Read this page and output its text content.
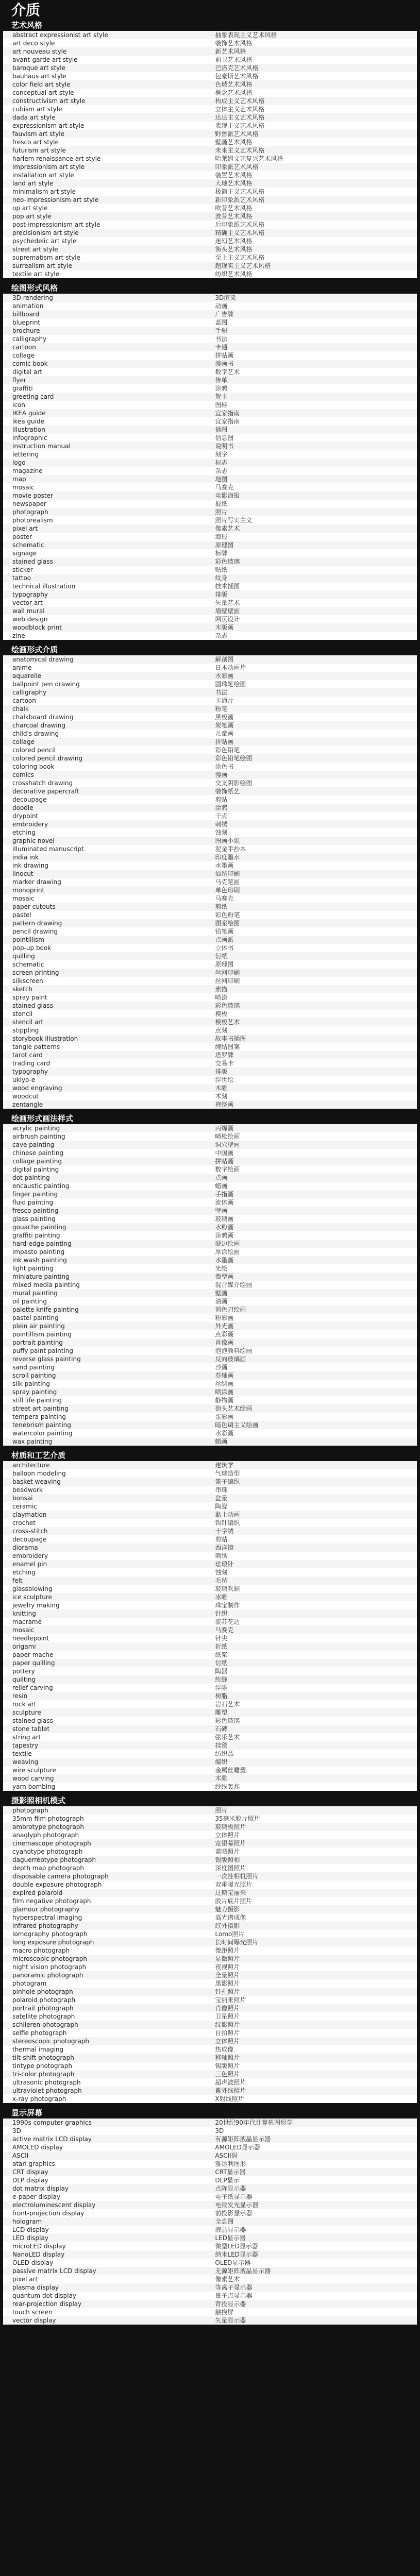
介质
艺术风格
abstract expressionist art style	抽象表现主义艺术风格
art deco style	装饰艺术风格
art nouveau style	新艺术风格
avant-garde art style	前卫艺术风格
baroque art style	巴洛克艺术风格
bauhaus art style	包豪斯艺术风格
color field art style	色域艺术风格
conceptual art style	概念艺术风格
constructivism art style	构成主义艺术风格
cubism art style	立体主义艺术风格
dada art style	达达主义艺术风格
expressionism art style	表现主义艺术风格
fauvism art style	野兽派艺术风格
fresco art style	壁画艺术风格
futurism art style	未来主义艺术风格
harlem renaissance art style	哈莱姆文艺复兴艺术风格
impressionism art style	印象派艺术风格
installation art style	装置艺术风格
land art style	大地艺术风格
minimalism art style	极简主义艺术风格
neo-impressionism art style	新印象派艺术风格
op art style	欧普艺术风格
pop art style	波普艺术风格
post-impressionism art style	后印象派艺术风格
precisionism art style	精确主义艺术风格
psychedelic art style	迷幻艺术风格
street art style	街头艺术风格
suprematism art style	至上主义艺术风格
surrealism art style	超现实主义艺术风格
textile art style	纺织艺术风格
绘图形式风格
3D rendering	3D渲染
animation	动画
billboard	广告牌
blueprint	蓝图
brochure	手册
calligraphy	书法
cartoon	卡通
collage	拼贴画
comic book	漫画书
digital art	数字艺术
flyer	传单
graffiti	涂鸦
greeting card	贺卡
icon	图标
IKEA guide	宜家指南
ikea guide	宜家指南
illustration	插图
infographic	信息图
instruction manual	说明书
lettering	刻字
logo	标志
magazine	杂志
map	地图
mosaic	马赛克
movie poster	电影海报
newspaper	报纸
photograph	照片
photorealism	照片写实主义
pixel art	像素艺术
poster	海报
schematic	原理图
signage	标牌
stained glass	彩色玻璃
sticker	贴纸
tattoo	纹身
technical illustration	技术插图
typography	排版
vector art	矢量艺术
wall mural	墙壁壁画
web design	网页设计
woodblock print	木版画
zine	杂志
绘画形式介质
anatomical drawing	解剖图
anime	日本动画片
aquarelle	水彩画
ballpoint pen drawing	圆珠笔绘图
calligraphy	书法
cartoon	卡通片
chalk	粉笔
chalkboard drawing	黑板画
charcoal drawing	炭笔画
child's drawing	儿童画
collage	拼贴画
colored pencil	彩色铅笔
colored pencil drawing	彩色铅笔绘图
coloring book	涂色书
comics	漫画
crosshatch drawing	交叉阴影绘图
decorative papercraft	装饰纸艺
decoupage	剪贴
doodle	涂鸦
drypoint	干点
embroidery	刺绣
etching	蚀刻
graphic novel	图画小说
illuminated manuscript	泥金手抄本
india ink	印度墨水
ink drawing	水墨画
linocut	油毡印刷
marker drawing	马克笔画
monoprint	单色印刷
mosaic	马赛克
paper cutouts	剪纸
pastel	彩色粉笔
pattern drawing	图案绘图
pencil drawing	铅笔画
pointillism	点画派
pop-up book	立体书
quilling	衍纸
schematic	原理图
screen printing	丝网印刷
silkscreen	丝网印刷
sketch	素描
spray paint	喷漆
stained glass	彩色玻璃
stencil	模板
stencil art	模板艺术
stippling	点刻
storybook illustration	故事书插图
tangle patterns	缠结图案
tarot card	塔罗牌
trading card	交易卡
typography	排版
ukiyo-e	浮世绘
wood engraving	木雕
woodcut	木刻
zentangle	禅绕画
绘画形式画法样式
acrylic painting	丙烯画
airbrush painting	喷枪绘画
cave painting	洞穴壁画
chinese painting	中国画
collage painting	拼贴画
digital painting	数字绘画
dot painting	点画
encaustic painting	蜡画
finger painting	手指画
fluid painting	流体画
fresco painting	壁画
glass painting	玻璃画
gouache painting	水粉画
graffiti painting	涂鸦画
hard-edge painting	硬边绘画
impasto painting	厚涂绘画
ink wash painting	水墨画
light painting	光绘
miniature painting	微型画
mixed media painting	混合媒介绘画
mural painting	壁画
oil painting	油画
palette knife painting	调色刀绘画
pastel painting	粉彩画
plein air painting	外光画
pointillism painting	点彩画
portrait painting	肖像画
puffy paint painting	泡泡颜料绘画
reverse glass painting	反向玻璃画
sand painting	沙画
scroll painting	卷轴画
silk painting	丝绸画
spray painting	喷涂画
still life painting	静物画
street art painting	街头艺术绘画
tempera painting	蛋彩画
tenebrism painting	暗色调主义绘画
watercolor painting	水彩画
wax painting	蜡画
材质和工艺介质
architecture	建筑学
balloon modeling	气球造型
basket weaving	篮子编织
beadwork	串珠
bonsai	盆景
ceramic	陶瓷
claymation	黏土动画
crochet	钩针编织
cross-stitch	十字绣
decoupage	剪贴
diorama	西洋镜
embroidery	刺绣
enamel pin	珐琅针
etching	蚀刻
felt	毛毡
glassblowing	玻璃吹制
ice sculpture	冰雕
jewelry making	珠宝制作
knitting	针织
macramé	流苏花边
mosaic	马赛克
needlepoint	针尖
origami	折纸
paper mache	纸浆
paper quilling	衍纸
pottery	陶器
quilting	绗缝
relief carving	浮雕
resin	树脂
rock art	岩石艺术
sculpture	雕塑
stained glass	彩色玻璃
stone tablet	石碑
string art	弦乐艺术
tapestry	挂毯
textile	纺织品
weaving	编织
wire sculpture	金属丝雕塑
wood carving	木雕
yarn bombing	纱线轰炸
摄影照相机模式
photograph	照片
35mm film photograph	35毫米胶片照片
ambrotype photograph	玻璃板照片
anaglyph photograph	立体照片
cinemascope photograph	宽银幕照片
cyanotype photograph	蓝晒照片
daguerreotype photograph	银版照相
depth map photograph	深度图照片
disposable camera photograph	一次性相机照片
double exposure photograph	双重曝光照片
expired polaroid	过期宝丽来
film negative photograph	胶片底片照片
glamour photography	魅力摄影
hyperspectral imaging	高光谱成像
infrared photography	红外摄影
lomography photograph	Lomo照片
long exposure photograph	长时间曝光照片
macro photograph	微距照片
microscopic photograph	显微照片
night vision photograph	夜视照片
panoramic photograph	全景照片
photogram	黑影照片
pinhole photograph	针孔照片
polaroid photograph	宝丽来照片
portrait photograph	肖像照片
satellite photograph	卫星照片
schlieren photograph	纹影照片
selfie photograph	自拍照片
stereoscopic photograph	立体照片
thermal imaging	热成像
tilt-shift photograph	移轴照片
tintype photograph	锡版照片
tri-color photograph	三色照片
ultrasonic photograph	超声波照片
ultraviolet photograph	紫外线照片
x-ray photograph	X射线照片
显示屏幕
1990s computer graphics	20世纪90年代计算机图形学
3D	3D
active matrix LCD display	有源矩阵液晶显示器
AMOLED display	AMOLED显示器
ASCII	ASCII码
atari graphics	雅达利图形
CRT display	CRT显示器
DLP display	DLP显示
dot matrix display	点阵显示器
e-paper display	电子纸显示器
electroluminescent display	电致发光显示器
front-projection display	前投影显示器
hologram	全息图
LCD display	液晶显示器
LED display	LED显示器
microLED display	微型LED显示器
NanoLED display	纳米LED显示器
OLED display	OLED显示器
passive matrix LCD display	无源矩阵液晶显示器
pixel art	像素艺术
plasma display	等离子显示器
quantum dot display	量子点显示器
rear-projection display	背投显示器
touch screen	触摸屏
vector display	矢量显示器
